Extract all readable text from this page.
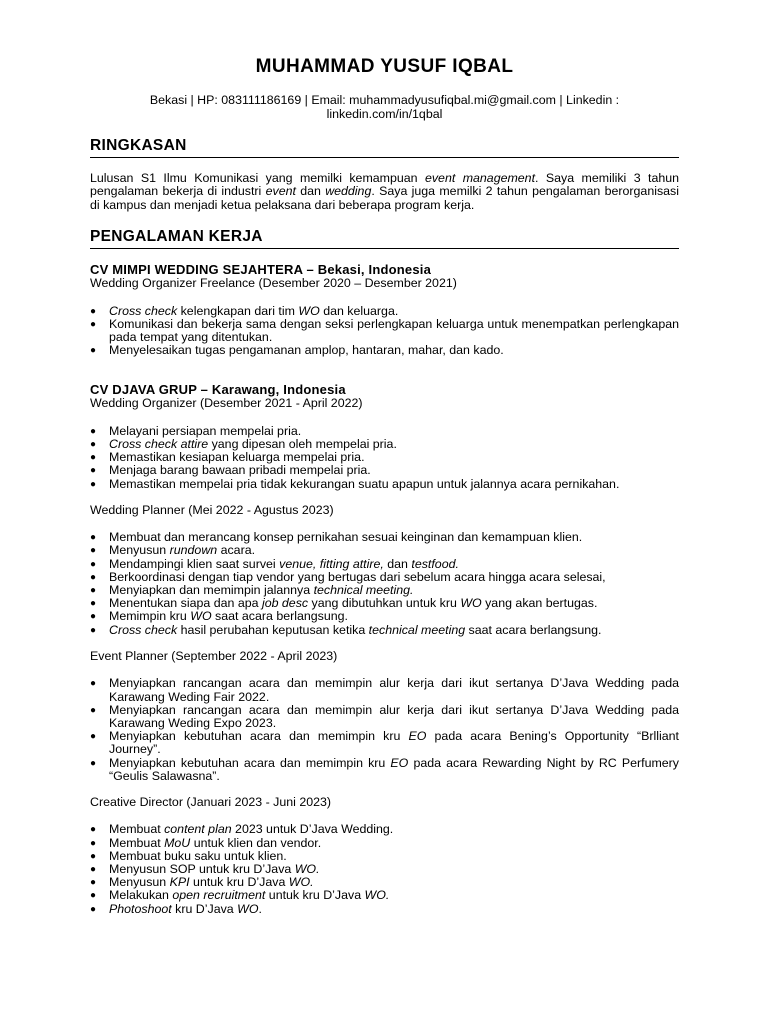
MUHAMMAD YUSUF IQBAL
Bekasi | HP: 083111186169 | Email: muhammadyusufiqbal.mi@gmail.com | Linkedin :
linkedin.com/in/1qbal
RINGKASAN
Lulusan S1 Ilmu Komunikasi yang memilki kemampuan event management. Saya memiliki 3 tahun pengalaman bekerja di industri event dan wedding. Saya juga memilki 2 tahun pengalaman berorganisasi di kampus dan menjadi ketua pelaksana dari beberapa program kerja.
PENGALAMAN KERJA
CV MIMPI WEDDING SEJAHTERA – Bekasi, Indonesia
Wedding Organizer Freelance (Desember 2020 – Desember 2021)
● Cross check kelengkapan dari tim WO dan keluarga.
● Komunikasi dan bekerja sama dengan seksi perlengkapan keluarga untuk menempatkan perlengkapan pada tempat yang ditentukan.
● Menyelesaikan tugas pengamanan amplop, hantaran, mahar, dan kado.
CV DJAVA GRUP – Karawang, Indonesia
Wedding Organizer (Desember 2021 - April 2022)
● Melayani persiapan mempelai pria.
● Cross check attire yang dipesan oleh mempelai pria.
● Memastikan kesiapan keluarga mempelai pria.
● Menjaga barang bawaan pribadi mempelai pria.
● Memastikan mempelai pria tidak kekurangan suatu apapun untuk jalannya acara pernikahan.
Wedding Planner (Mei 2022 - Agustus 2023)
● Membuat dan merancang konsep pernikahan sesuai keinginan dan kemampuan klien.
● Menyusun rundown acara.
● Mendampingi klien saat survei venue, fitting attire, dan testfood.
● Berkoordinasi dengan tiap vendor yang bertugas dari sebelum acara hingga acara selesai,
● Menyiapkan dan memimpin jalannya technical meeting.
● Menentukan siapa dan apa job desc yang dibutuhkan untuk kru WO yang akan bertugas.
● Memimpin kru WO saat acara berlangsung.
● Cross check hasil perubahan keputusan ketika technical meeting saat acara berlangsung.
Event Planner (September 2022 - April 2023)
● Menyiapkan rancangan acara dan memimpin alur kerja dari ikut sertanya D’Java Wedding pada Karawang Weding Fair 2022.
● Menyiapkan rancangan acara dan memimpin alur kerja dari ikut sertanya D’Java Wedding pada Karawang Weding Expo 2023.
● Menyiapkan kebutuhan acara dan memimpin kru EO pada acara Bening’s Opportunity “Brlliant Journey”.
● Menyiapkan kebutuhan acara dan memimpin kru EO pada acara Rewarding Night by RC Perfumery “Geulis Salawasna”.
Creative Director (Januari 2023 - Juni 2023)
● Membuat content plan 2023 untuk D’Java Wedding.
● Membuat MoU untuk klien dan vendor.
● Membuat buku saku untuk klien.
● Menyusun SOP untuk kru D’Java WO.
● Menyusun KPI untuk kru D’Java WO.
● Melakukan open recruitment untuk kru D’Java WO.
● Photoshoot kru D’Java WO.
